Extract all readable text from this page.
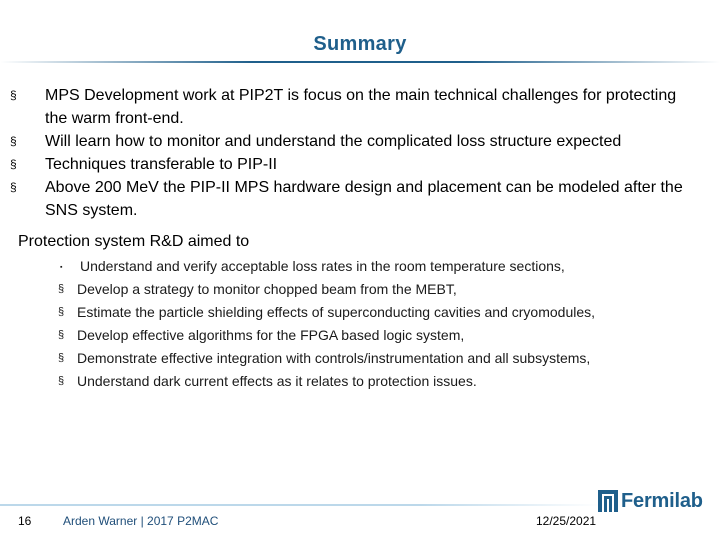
Summary
§ MPS Development work at PIP2T is focus on the main technical challenges for protecting the warm front-end.
§ Will learn how to monitor and understand the complicated loss structure expected
§ Techniques transferable to PIP-II
§ Above 200 MeV the PIP-II MPS hardware design and placement can be modeled after the SNS system.
Protection system R&D aimed to
▪ Understand and verify acceptable loss rates in the room temperature sections,
§ Develop a strategy to monitor chopped beam from the MEBT,
§ Estimate the particle shielding effects of superconducting cavities and cryomodules,
§ Develop effective algorithms for the FPGA based logic system,
§ Demonstrate effective integration with controls/instrumentation and all subsystems,
§ Understand dark current effects as it relates to protection issues.
16	Arden Warner | 2017 P2MAC	12/25/2021
Fermilab
